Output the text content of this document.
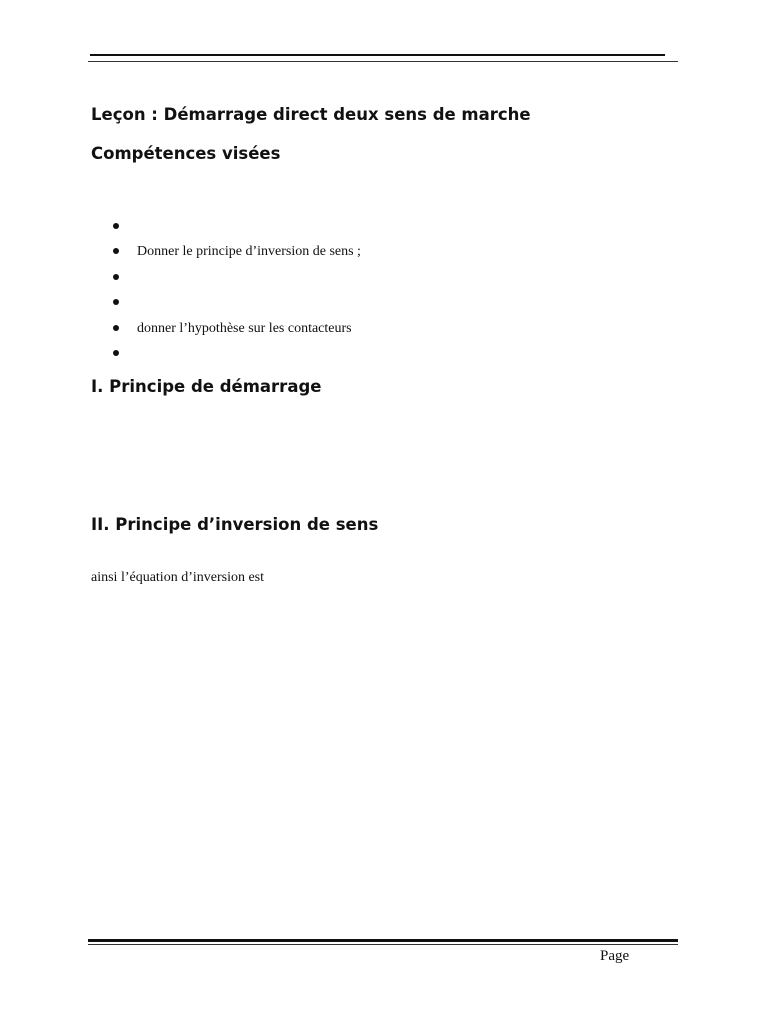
Leçon : Démarrage direct deux sens de marche
Compétences visées
Donner le principe d’inversion de sens ;
donner l’hypothèse sur les contacteurs
I. Principe de démarrage
II. Principe d’inversion de sens

ainsi l’équation d’inversion est

Page
